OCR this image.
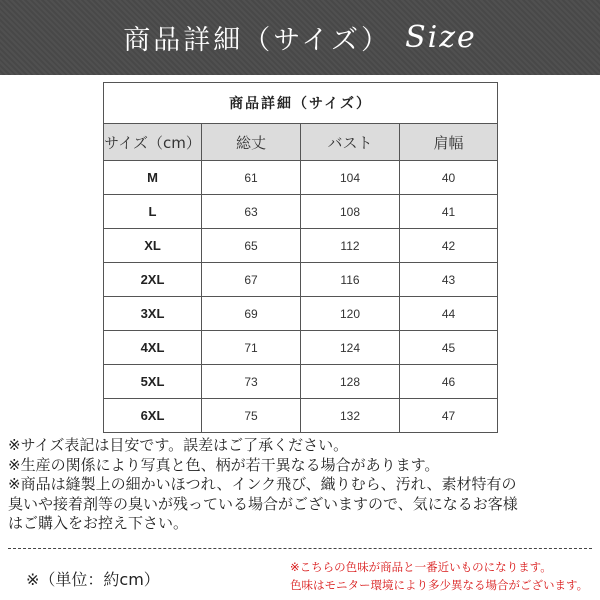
商品詳細（サイズ） Size
商品詳細（サイズ）			
サイズ（cm）	総丈	バスト	肩幅
M	61	104	40
L	63	108	41
XL	65	112	42
2XL	67	116	43
3XL	69	120	44
4XL	71	124	45
5XL	73	128	46
6XL	75	132	47
※サイズ表記は目安です。誤差はご了承ください。
※生産の関係により写真と色、柄が若干異なる場合があります。
※商品は縫製上の細かいほつれ、インク飛び、織りむら、汚れ、素材特有の
臭いや接着剤等の臭いが残っている場合がございますので、気になるお客様
はご購入をお控え下さい。
※（単位：約cm）
※こちらの色味が商品と一番近いものになります。
色味はモニター環境により多少異なる場合がございます。
